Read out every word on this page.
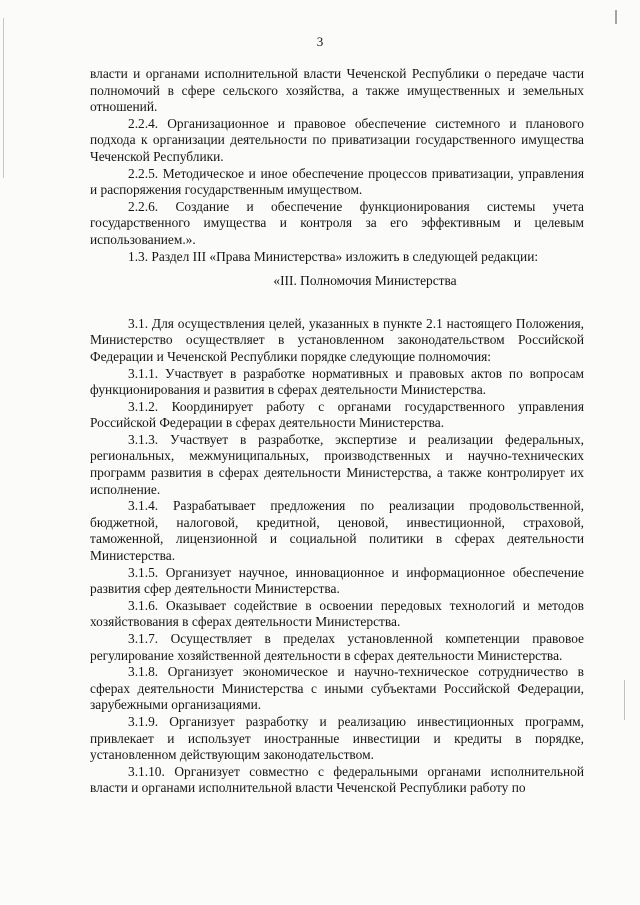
3

власти и органами исполнительной власти Чеченской Республики о передаче части полномочий в сфере сельского хозяйства, а также имущественных и земельных отношений.

2.2.4. Организационное и правовое обеспечение системного и планового подхода к организации деятельности по приватизации государственного имущества Чеченской Республики.

2.2.5. Методическое и иное обеспечение процессов приватизации, управления и распоряжения государственным имуществом.

2.2.6. Создание и обеспечение функционирования системы учета государственного имущества и контроля за его эффективным и целевым использованием.».

1.3. Раздел III «Права Министерства» изложить в следующей редакции:

«III. Полномочия Министерства

3.1. Для осуществления целей, указанных в пункте 2.1 настоящего Положения, Министерство осуществляет в установленном законодательством Российской Федерации и Чеченской Республики порядке следующие полномочия:

3.1.1. Участвует в разработке нормативных и правовых актов по вопросам функционирования и развития в сферах деятельности Министерства.

3.1.2. Координирует работу с органами государственного управления Российской Федерации в сферах деятельности Министерства.

3.1.3. Участвует в разработке, экспертизе и реализации федеральных, региональных, межмуниципальных, производственных и научно-технических программ развития в сферах деятельности Министерства, а также контролирует их исполнение.

3.1.4. Разрабатывает предложения по реализации продовольственной, бюджетной, налоговой, кредитной, ценовой, инвестиционной, страховой, таможенной, лицензионной и социальной политики в сферах деятельности Министерства.

3.1.5. Организует научное, инновационное и информационное обеспечение развития сфер деятельности Министерства.

3.1.6. Оказывает содействие в освоении передовых технологий и методов хозяйствования в сферах деятельности Министерства.

3.1.7. Осуществляет в пределах установленной компетенции правовое регулирование хозяйственной деятельности в сферах деятельности Министерства.

3.1.8. Организует экономическое и научно-техническое сотрудничество в сферах деятельности Министерства с иными субъектами Российской Федерации, зарубежными организациями.

3.1.9. Организует разработку и реализацию инвестиционных программ, привлекает и использует иностранные инвестиции и кредиты в порядке, установленном действующим законодательством.

3.1.10. Организует совместно с федеральными органами исполнительной власти и органами исполнительной власти Чеченской Республики работу по
